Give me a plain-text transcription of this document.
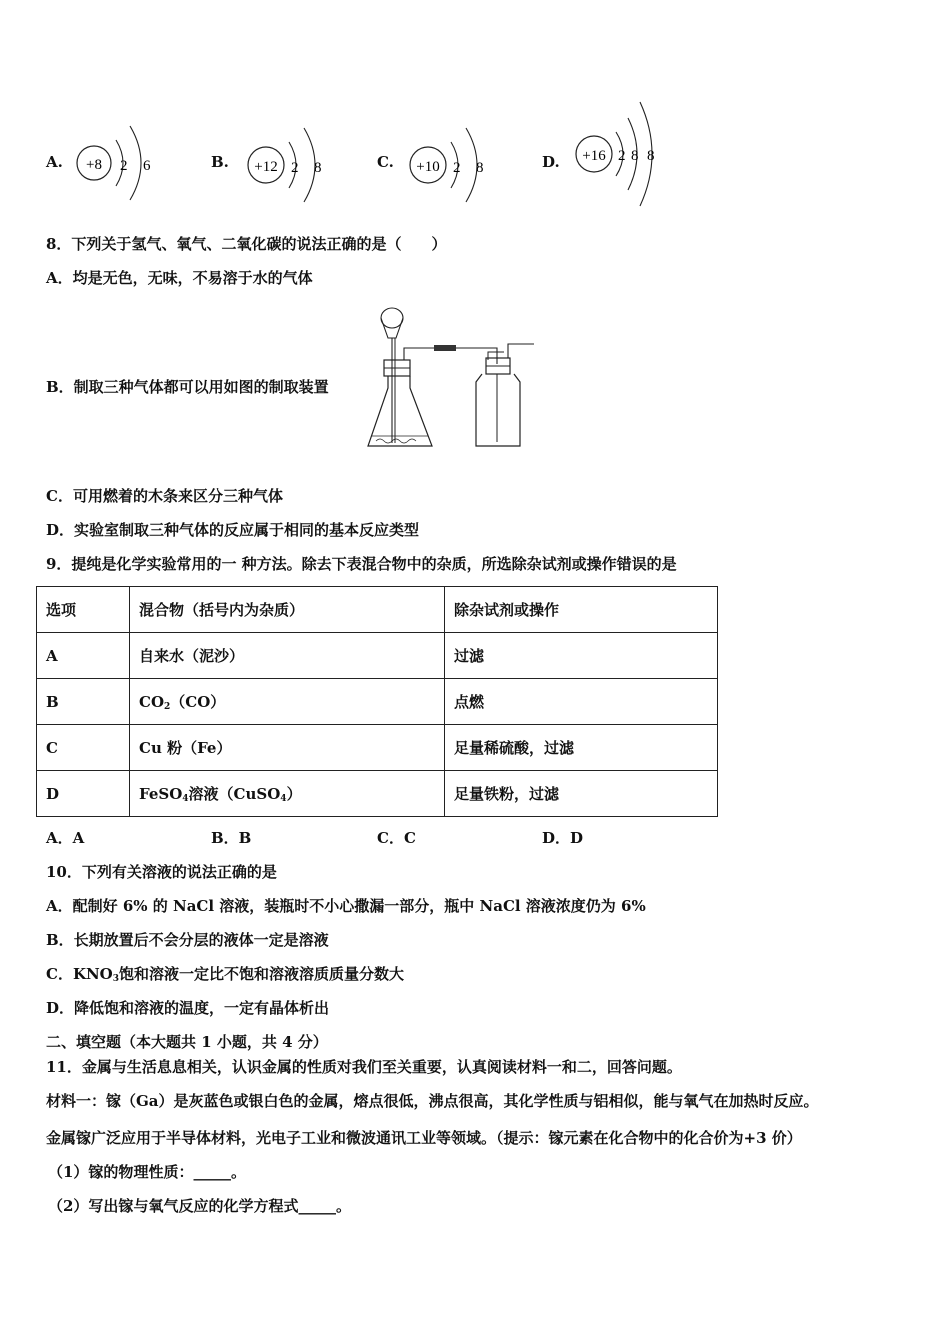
A. +8 2 6	B. +12 2 8	C. +10 2 8	D. +16 2 8 8
8．下列关于氢气、氧气、二氧化碳的说法正确的是（　　）
A．均是无色，无味，不易溶于水的气体
B．制取三种气体都可以用如图的制取装置
C．可用燃着的木条来区分三种气体
D．实验室制取三种气体的反应属于相同的基本反应类型
9．提纯是化学实验常用的一 种方法。除去下表混合物中的杂质，所选除杂试剂或操作错误的是
选项	混合物（括号内为杂质）	除杂试剂或操作
A	自来水（泥沙）	过滤
B	$CO_2(CO)$	点燃
C	Cu 粉（Fe）	足量稀硫酸，过滤
D	FeSO$_4$溶液（CuSO$_4$）	足量铁粉，过滤
A．A	B．B	C．C	D．D
10．下列有关溶液的说法正确的是
A．配制好 6% 的 NaCl 溶液，装瓶时不小心撒漏一部分，瓶中 NaCl 溶液浓度仍为 6%
B．长期放置后不会分层的液体一定是溶液
C．$KNO_3$饱和溶液一定比不饱和溶液溶质质量分数大
D．降低饱和溶液的温度，一定有晶体析出
二、填空题（本大题共 1 小题，共 4 分）
11．金属与生活息息相关，认识金属的性质对我们至关重要，认真阅读材料一和二，回答问题。
材料一：镓（Ga）是灰蓝色或银白色的金属，熔点很低，沸点很高，其化学性质与铝相似，能与氧气在加热时反应。
金属镓广泛应用于半导体材料，光电子工业和微波通讯工业等领域。（提示：镓元素在化合物中的化合价为+3 价）
（1）镓的物理性质：_____。
（2）写出镓与氧气反应的化学方程式_____。
